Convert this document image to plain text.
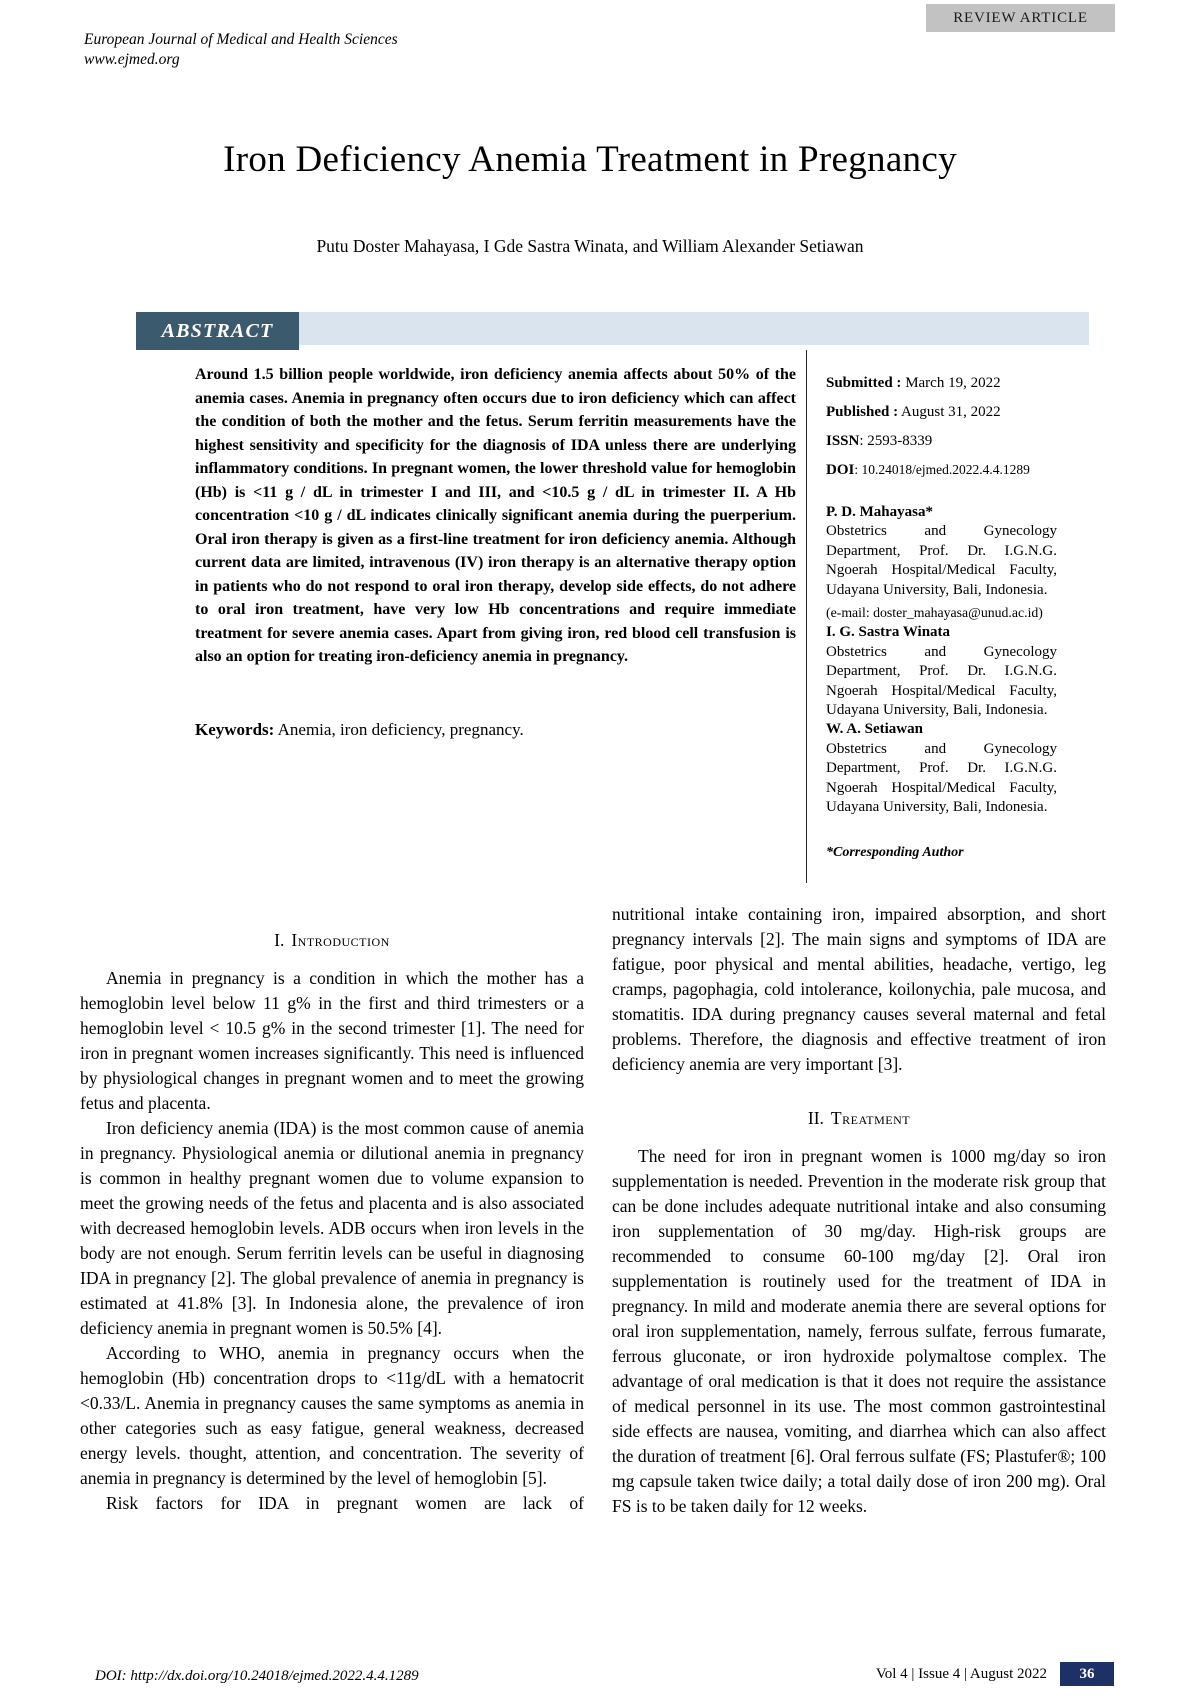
REVIEW ARTICLE
European Journal of Medical and Health Sciences
www.ejmed.org
Iron Deficiency Anemia Treatment in Pregnancy
Putu Doster Mahayasa, I Gde Sastra Winata, and William Alexander Setiawan
ABSTRACT
Around 1.5 billion people worldwide, iron deficiency anemia affects about 50% of the anemia cases. Anemia in pregnancy often occurs due to iron deficiency which can affect the condition of both the mother and the fetus. Serum ferritin measurements have the highest sensitivity and specificity for the diagnosis of IDA unless there are underlying inflammatory conditions. In pregnant women, the lower threshold value for hemoglobin (Hb) is <11 g / dL in trimester I and III, and <10.5 g / dL in trimester II. A Hb concentration <10 g / dL indicates clinically significant anemia during the puerperium. Oral iron therapy is given as a first-line treatment for iron deficiency anemia. Although current data are limited, intravenous (IV) iron therapy is an alternative therapy option in patients who do not respond to oral iron therapy, develop side effects, do not adhere to oral iron treatment, have very low Hb concentrations and require immediate treatment for severe anemia cases. Apart from giving iron, red blood cell transfusion is also an option for treating iron-deficiency anemia in pregnancy.
Keywords: Anemia, iron deficiency, pregnancy.
Submitted : March 19, 2022
Published : August 31, 2022
ISSN: 2593-8339
DOI: 10.24018/ejmed.2022.4.4.1289
P. D. Mahayasa*
Obstetrics and Gynecology Department, Prof. Dr. I.G.N.G. Ngoerah Hospital/Medical Faculty, Udayana University, Bali, Indonesia.
(e-mail: doster_mahayasa@unud.ac.id)
I. G. Sastra Winata
Obstetrics and Gynecology Department, Prof. Dr. I.G.N.G. Ngoerah Hospital/Medical Faculty, Udayana University, Bali, Indonesia.
W. A. Setiawan
Obstetrics and Gynecology Department, Prof. Dr. I.G.N.G. Ngoerah Hospital/Medical Faculty, Udayana University, Bali, Indonesia.
*Corresponding Author
I. Introduction

Anemia in pregnancy is a condition in which the mother has a hemoglobin level below 11 g% in the first and third trimesters or a hemoglobin level < 10.5 g% in the second trimester [1]. The need for iron in pregnant women increases significantly. This need is influenced by physiological changes in pregnant women and to meet the growing fetus and placenta.

Iron deficiency anemia (IDA) is the most common cause of anemia in pregnancy. Physiological anemia or dilutional anemia in pregnancy is common in healthy pregnant women due to volume expansion to meet the growing needs of the fetus and placenta and is also associated with decreased hemoglobin levels. ADB occurs when iron levels in the body are not enough. Serum ferritin levels can be useful in diagnosing IDA in pregnancy [2]. The global prevalence of anemia in pregnancy is estimated at 41.8% [3]. In Indonesia alone, the prevalence of iron deficiency anemia in pregnant women is 50.5% [4].

According to WHO, anemia in pregnancy occurs when the hemoglobin (Hb) concentration drops to <11g/dL with a hematocrit <0.33/L. Anemia in pregnancy causes the same symptoms as anemia in other categories such as easy fatigue, general weakness, decreased energy levels. thought, attention, and concentration. The severity of anemia in pregnancy is determined by the level of hemoglobin [5].

Risk factors for IDA in pregnant women are lack of

nutritional intake containing iron, impaired absorption, and short pregnancy intervals [2]. The main signs and symptoms of IDA are fatigue, poor physical and mental abilities, headache, vertigo, leg cramps, pagophagia, cold intolerance, koilonychia, pale mucosa, and stomatitis. IDA during pregnancy causes several maternal and fetal problems. Therefore, the diagnosis and effective treatment of iron deficiency anemia are very important [3].

II. Treatment

The need for iron in pregnant women is 1000 mg/day so iron supplementation is needed. Prevention in the moderate risk group that can be done includes adequate nutritional intake and also consuming iron supplementation of 30 mg/day. High-risk groups are recommended to consume 60-100 mg/day [2]. Oral iron supplementation is routinely used for the treatment of IDA in pregnancy. In mild and moderate anemia there are several options for oral iron supplementation, namely, ferrous sulfate, ferrous fumarate, ferrous gluconate, or iron hydroxide polymaltose complex. The advantage of oral medication is that it does not require the assistance of medical personnel in its use. The most common gastrointestinal side effects are nausea, vomiting, and diarrhea which can also affect the duration of treatment [6]. Oral ferrous sulfate (FS; Plastufer®; 100 mg capsule taken twice daily; a total daily dose of iron 200 mg). Oral FS is to be taken daily for 12 weeks.

DOI: http://dx.doi.org/10.24018/ejmed.2022.4.4.1289	Vol 4 | Issue 4 | August 2022	36
